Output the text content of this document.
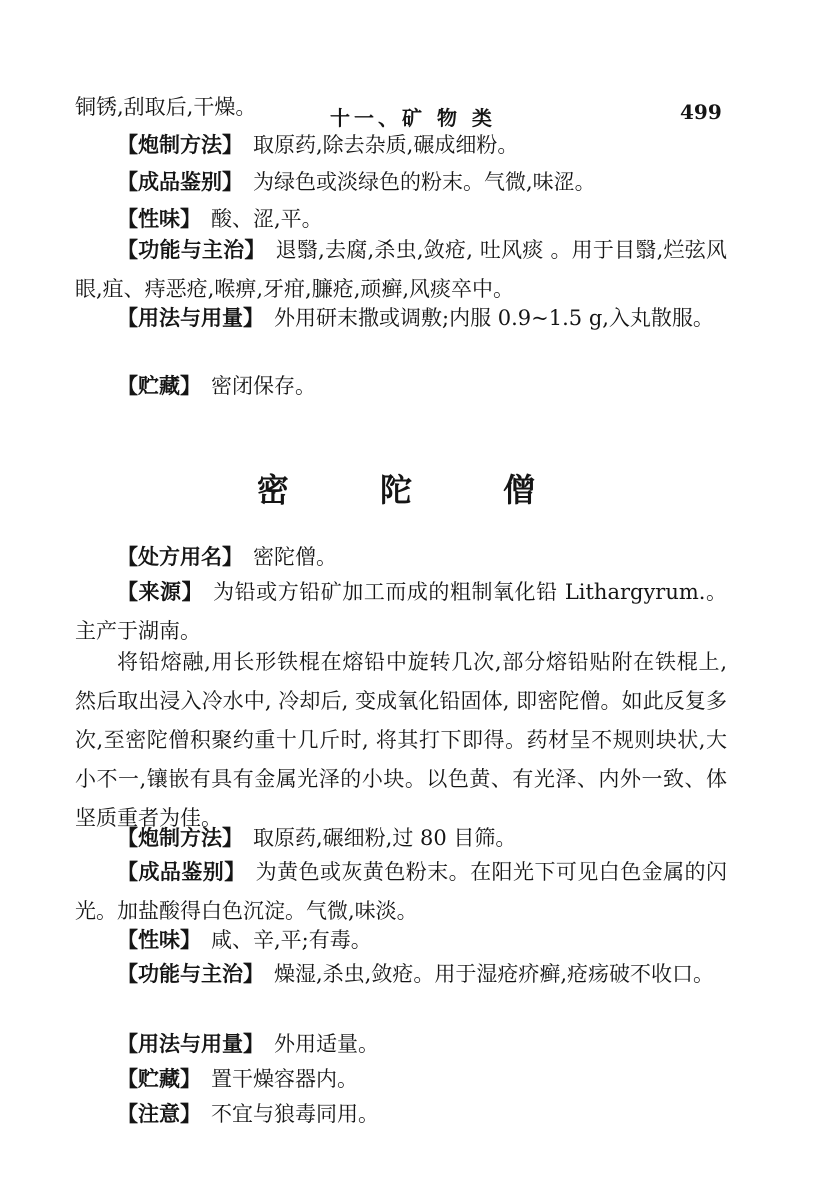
十一、矿 物 类	499

铜锈,刮取后,干燥。

【炮制方法】 取原药,除去杂质,碾成细粉。

【成品鉴别】 为绿色或淡绿色的粉末。气微,味涩。

【性味】 酸、涩,平。

【功能与主治】 退翳,去腐,杀虫,敛疮, 吐风痰 。用于目翳,烂弦风眼,疽、痔恶疮,喉痹,牙疳,臁疮,顽癣,风痰卒中。

【用法与用量】 外用研末撒或调敷;内服 0.9~1.5 g,入丸散服。

【贮藏】 密闭保存。

密 陀 僧

【处方用名】 密陀僧。

【来源】 为铅或方铅矿加工而成的粗制氧化铅 Lithargyrum.。主产于湖南。

将铅熔融,用长形铁棍在熔铅中旋转几次,部分熔铅贴附在铁棍上, 然后取出浸入冷水中, 冷却后, 变成氧化铅固体, 即密陀僧。如此反复多次,至密陀僧积聚约重十几斤时, 将其打下即得。药材呈不规则块状,大小不一,镶嵌有具有金属光泽的小块。以色黄、有光泽、内外一致、体坚质重者为佳。

【炮制方法】 取原药,碾细粉,过 80 目筛。

【成品鉴别】 为黄色或灰黄色粉末。在阳光下可见白色金属的闪光。加盐酸得白色沉淀。气微,味淡。

【性味】 咸、辛,平;有毒。

【功能与主治】 燥湿,杀虫,敛疮。用于湿疮疥癣,疮疡破不收口。

【用法与用量】 外用适量。

【贮藏】 置干燥容器内。

【注意】 不宜与狼毒同用。
